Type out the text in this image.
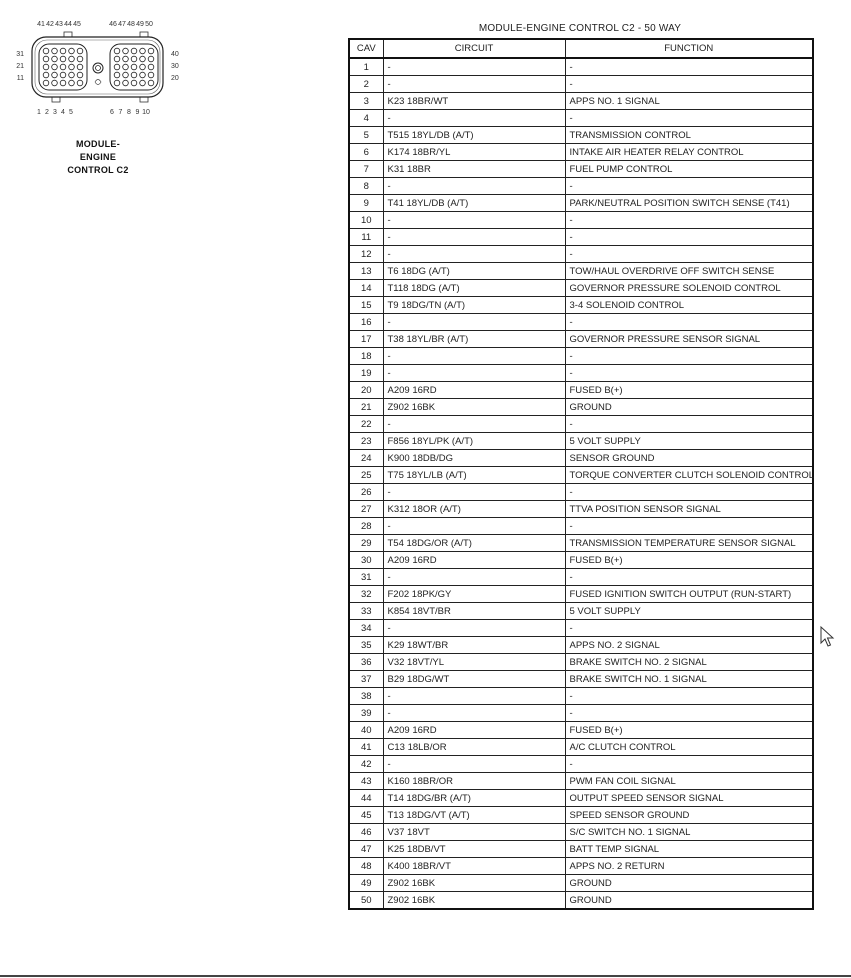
41 42 43 44 45	46 47 48 49 50
31
21
11
40
30
20
1 2 3 4 5	6 7 8 9 10
MODULE-
ENGINE
CONTROL C2
MODULE-ENGINE CONTROL C2 - 50 WAY
CAV	CIRCUIT	FUNCTION
1	-	-
2	-	-
3	K23 18BR/WT	APPS NO. 1 SIGNAL
4	-	-
5	T515 18YL/DB (A/T)	TRANSMISSION CONTROL
6	K174 18BR/YL	INTAKE AIR HEATER RELAY CONTROL
7	K31 18BR	FUEL PUMP CONTROL
8	-	-
9	T41 18YL/DB (A/T)	PARK/NEUTRAL POSITION SWITCH SENSE (T41)
10	-	-
11	-	-
12	-	-
13	T6 18DG (A/T)	TOW/HAUL OVERDRIVE OFF SWITCH SENSE
14	T118 18DG (A/T)	GOVERNOR PRESSURE SOLENOID CONTROL
15	T9 18DG/TN (A/T)	3-4 SOLENOID CONTROL
16	-	-
17	T38 18YL/BR (A/T)	GOVERNOR PRESSURE SENSOR SIGNAL
18	-	-
19	-	-
20	A209 16RD	FUSED B(+)
21	Z902 16BK	GROUND
22	-	-
23	F856 18YL/PK (A/T)	5 VOLT SUPPLY
24	K900 18DB/DG	SENSOR GROUND
25	T75 18YL/LB (A/T)	TORQUE CONVERTER CLUTCH SOLENOID CONTROL
26	-	-
27	K312 18OR (A/T)	TTVA POSITION SENSOR SIGNAL
28	-	-
29	T54 18DG/OR (A/T)	TRANSMISSION TEMPERATURE SENSOR SIGNAL
30	A209 16RD	FUSED B(+)
31	-	-
32	F202 18PK/GY	FUSED IGNITION SWITCH OUTPUT (RUN-START)
33	K854 18VT/BR	5 VOLT SUPPLY
34	-	-
35	K29 18WT/BR	APPS NO. 2 SIGNAL
36	V32 18VT/YL	BRAKE SWITCH NO. 2 SIGNAL
37	B29 18DG/WT	BRAKE SWITCH NO. 1 SIGNAL
38	-	-
39	-	-
40	A209 16RD	FUSED B(+)
41	C13 18LB/OR	A/C CLUTCH CONTROL
42	-	-
43	K160 18BR/OR	PWM FAN COIL SIGNAL
44	T14 18DG/BR (A/T)	OUTPUT SPEED SENSOR SIGNAL
45	T13 18DG/VT (A/T)	SPEED SENSOR GROUND
46	V37 18VT	S/C SWITCH NO. 1 SIGNAL
47	K25 18DB/VT	BATT TEMP SIGNAL
48	K400 18BR/VT	APPS NO. 2 RETURN
49	Z902 16BK	GROUND
50	Z902 16BK	GROUND
